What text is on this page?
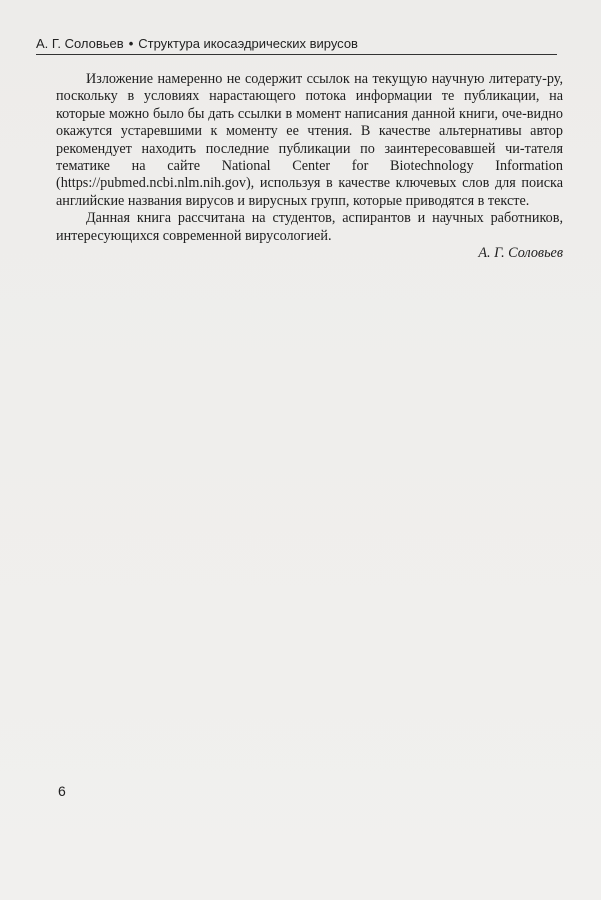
А. Г. Соловьев • Структура икосаэдрических вирусов

Изложение намеренно не содержит ссылок на текущую научную литерату-ру, поскольку в условиях нарастающего потока информации те публикации, на которые можно было бы дать ссылки в момент написания данной книги, оче-видно окажутся устаревшими к моменту ее чтения. В качестве альтернативы автор рекомендует находить последние публикации по заинтересовавшей чи-тателя тематике на сайте National Center for Biotechnology Information (https://pubmed.ncbi.nlm.nih.gov), используя в качестве ключевых слов для поиска английские названия вирусов и вирусных групп, которые приводятся в тексте.

Данная книга рассчитана на студентов, аспирантов и научных работников, интересующихся современной вирусологией.

А. Г. Соловьев

6
